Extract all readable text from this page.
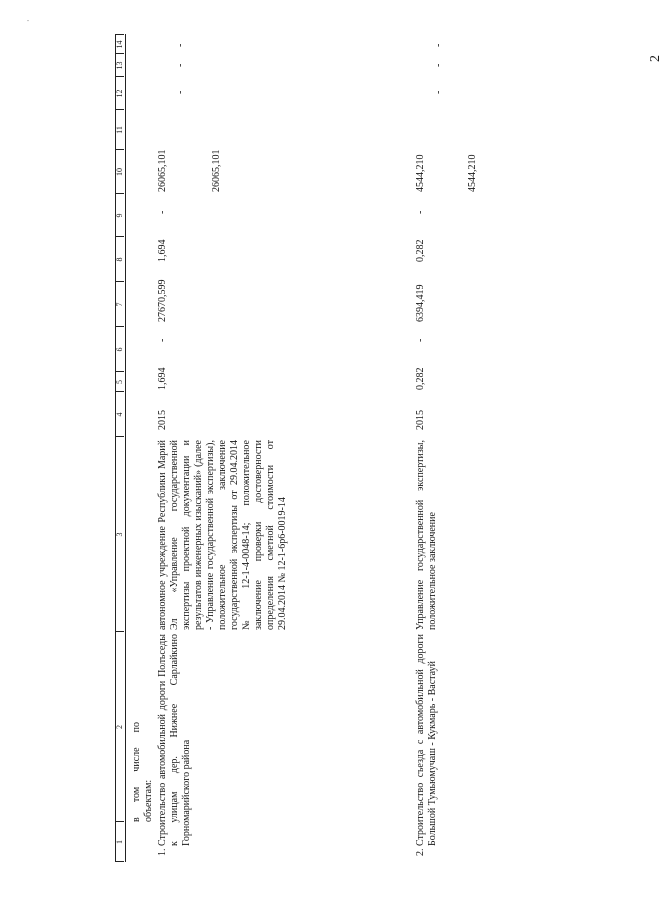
·
2
1
2
3
4
5
6
7
8
9
10
11
12
13
14
в том числе по объектам:
1.
Строительство автомобильной дороги Полъседы к улицам дер. Нижнее Сарлайкино Горномарийского района
автономное учреждение Республики Марий Эл «Управление государственной экспертизы проектной документации и результатов инженерных изысканий» (далее - Управление государственной экспертизы), положительное заключение государственной экспертизы от 29.04.2014 № 12-1-4-0048-14; положительное заключение проверки достоверности определения сметной стоимости от 29.04.2014 № 12-1-6р6-0019-14
2015
1,694
-
27670,599
1,694
-
26065,101	26065,101
-
-
-
2.
Строительство съезда с автомобильной дороги Большой Тумьюмучаш - Кукмарь - Вастауй
Управление государственной экспертизы, положительное заключение
2015
0,282
-
6394,419
0,282
-
4544,210	4544,210
-
-
-
